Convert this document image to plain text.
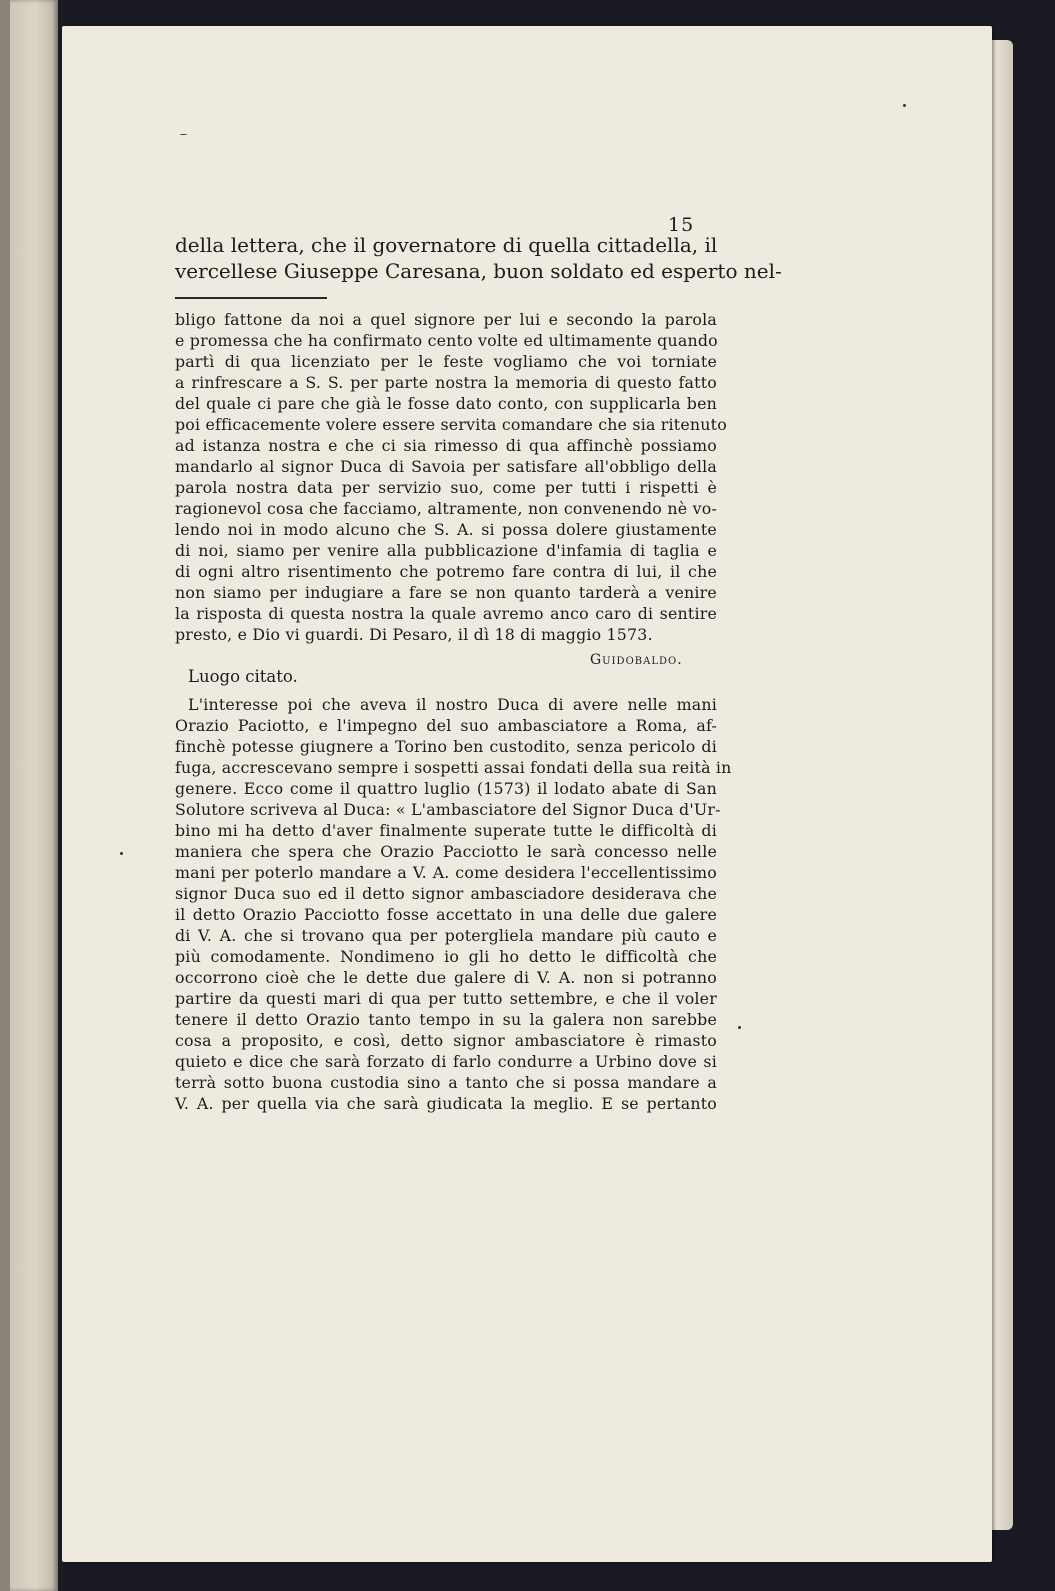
15
della lettera, che il governatore di quella cittadella, il
vercellese Giuseppe Caresana, buon soldato ed esperto nel-
bligo fattone da noi a quel signore per lui e secondo la parola
e promessa che ha confirmato cento volte ed ultimamente quando
partì di qua licenziato per le feste vogliamo che voi torniate
a rinfrescare a S. S. per parte nostra la memoria di questo fatto
del quale ci pare che già le fosse dato conto, con supplicarla ben
poi efficacemente volere essere servita comandare che sia ritenuto
ad istanza nostra e che ci sia rimesso di qua affinchè possiamo
mandarlo al signor Duca di Savoia per satisfare all'obbligo della
parola nostra data per servizio suo, come per tutti i rispetti è
ragionevol cosa che facciamo, altramente, non convenendo nè vo-
lendo noi in modo alcuno che S. A. si possa dolere giustamente
di noi, siamo per venire alla pubblicazione d'infamia di taglia e
di ogni altro risentimento che potremo fare contra di lui, il che
non siamo per indugiare a fare se non quanto tarderà a venire
la risposta di questa nostra la quale avremo anco caro di sentire
presto, e Dio vi guardi. Di Pesaro, il dì 18 di maggio 1573.
Guidobaldo.
Luogo citato.
L'interesse poi che aveva il nostro Duca di avere nelle mani
Orazio Paciotto, e l'impegno del suo ambasciatore a Roma, af-
finchè potesse giugnere a Torino ben custodito, senza pericolo di
fuga, accrescevano sempre i sospetti assai fondati della sua reità in
genere. Ecco come il quattro luglio (1573) il lodato abate di San
Solutore scriveva al Duca: « L'ambasciatore del Signor Duca d'Ur-
bino mi ha detto d'aver finalmente superate tutte le difficoltà di
maniera che spera che Orazio Pacciotto le sarà concesso nelle
mani per poterlo mandare a V. A. come desidera l'eccellentissimo
signor Duca suo ed il detto signor ambasciadore desiderava che
il detto Orazio Pacciotto fosse accettato in una delle due galere
di V. A. che si trovano qua per potergliela mandare più cauto e
più comodamente. Nondimeno io gli ho detto le difficoltà che
occorrono cioè che le dette due galere di V. A. non si potranno
partire da questi mari di qua per tutto settembre, e che il voler
tenere il detto Orazio tanto tempo in su la galera non sarebbe
cosa a proposito, e così, detto signor ambasciatore è rimasto
quieto e dice che sarà forzato di farlo condurre a Urbino dove si
terrà sotto buona custodia sino a tanto che si possa mandare a
V. A. per quella via che sarà giudicata la meglio. E se pertanto
